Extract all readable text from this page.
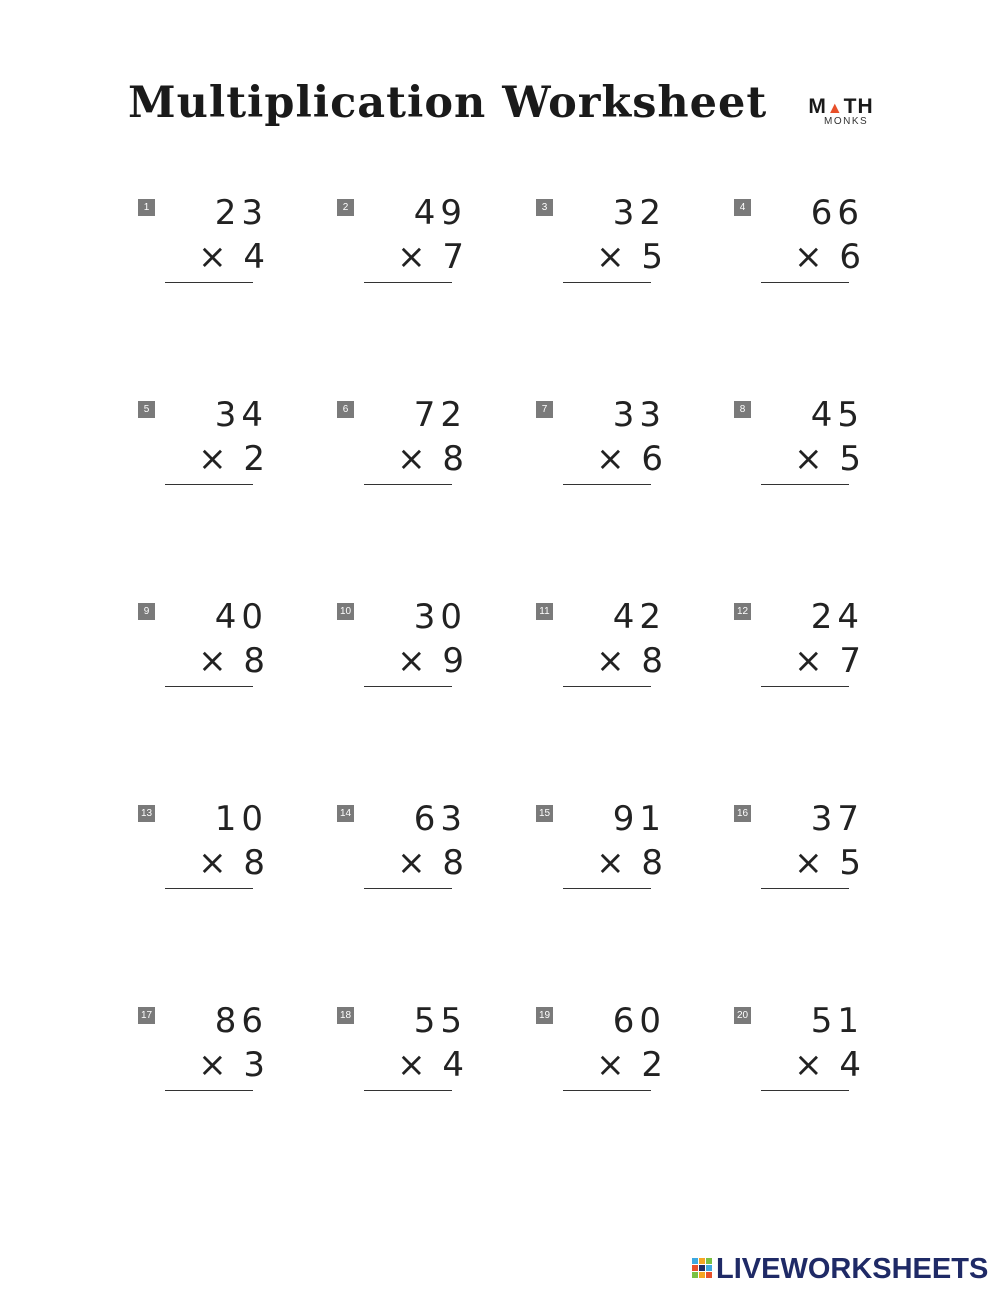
Multiplication Worksheet M▲TH
MONKS
1	23
× 4
2	49
× 7
3	32
× 5
4	66
× 6
5	34
× 2
6	72
× 8
7	33
× 6
8	45
× 5
9	40
× 8
10	30
× 9
11	42
× 8
12	24
× 7
13	10
× 8
14	63
× 8
15	91
× 8
16	37
× 5
17	86
× 3
18	55
× 4
19	60
× 2
20	51
× 4
LIVEWORKSHEETS
